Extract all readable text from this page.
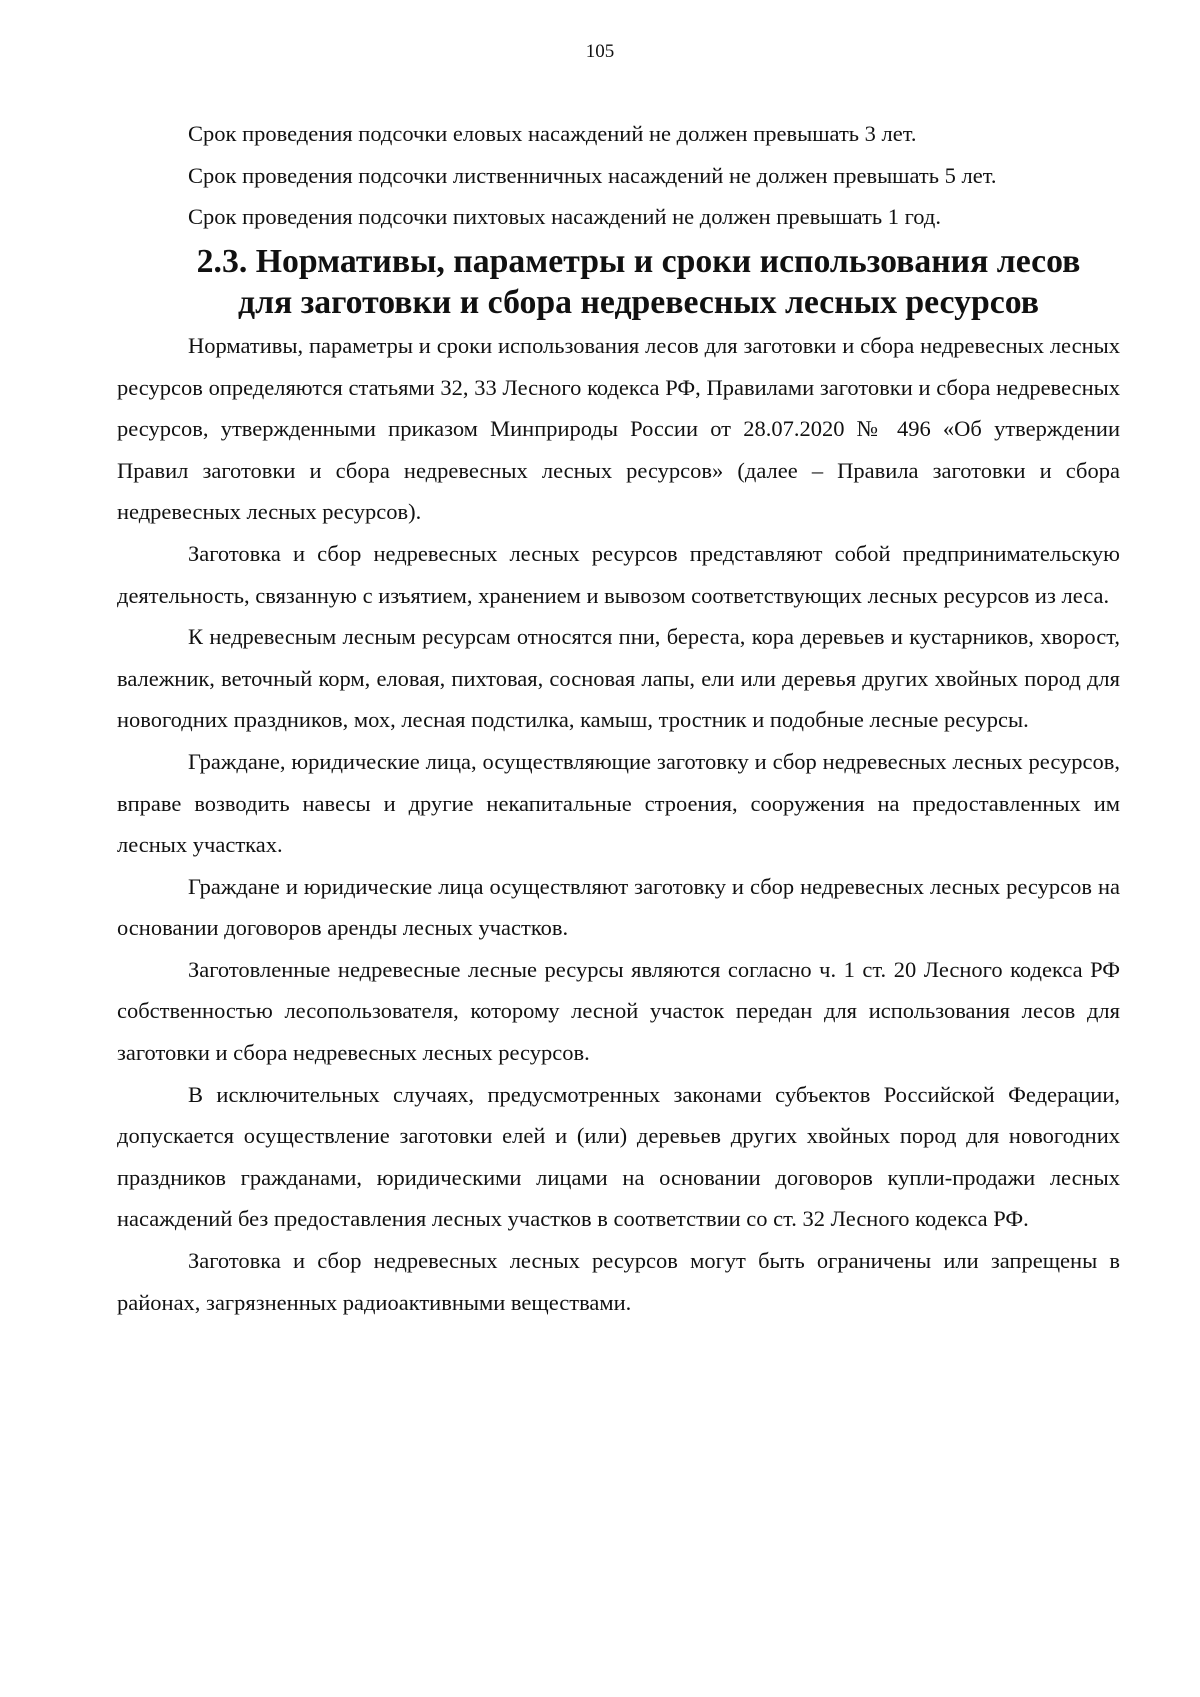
105

Срок проведения подсочки еловых насаждений не должен превышать 3 лет.

Срок проведения подсочки лиственничных насаждений не должен превышать 5 лет.

Срок проведения подсочки пихтовых насаждений не должен превышать 1 год.

2.3. Нормативы, параметры и сроки использования лесов для заготовки и сбора недревесных лесных ресурсов

Нормативы, параметры и сроки использования лесов для заготовки и сбора недревесных лесных ресурсов определяются статьями 32, 33 Лесного кодекса РФ, Правилами заготовки и сбора недревесных ресурсов, утвержденными приказом Минприроды России от 28.07.2020 № 496 «Об утверждении Правил заготовки и сбора недревесных лесных ресурсов» (далее – Правила заготовки и сбора недревесных лесных ресурсов).

Заготовка и сбор недревесных лесных ресурсов представляют собой предпринимательскую деятельность, связанную с изъятием, хранением и вывозом соответствующих лесных ресурсов из леса.

К недревесным лесным ресурсам относятся пни, береста, кора деревьев и кустарников, хворост, валежник, веточный корм, еловая, пихтовая, сосновая лапы, ели или деревья других хвойных пород для новогодних праздников, мох, лесная подстилка, камыш, тростник и подобные лесные ресурсы.

Граждане, юридические лица, осуществляющие заготовку и сбор недревесных лесных ресурсов, вправе возводить навесы и другие некапитальные строения, сооружения на предоставленных им лесных участках.

Граждане и юридические лица осуществляют заготовку и сбор недревесных лесных ресурсов на основании договоров аренды лесных участков.

Заготовленные недревесные лесные ресурсы являются согласно ч. 1 ст. 20 Лесного кодекса РФ собственностью лесопользователя, которому лесной участок передан для использования лесов для заготовки и сбора недревесных лесных ресурсов.

В исключительных случаях, предусмотренных законами субъектов Российской Федерации, допускается осуществление заготовки елей и (или) деревьев других хвойных пород для новогодних праздников гражданами, юридическими лицами на основании договоров купли-продажи лесных насаждений без предоставления лесных участков в соответствии со ст. 32 Лесного кодекса РФ.

Заготовка и сбор недревесных лесных ресурсов могут быть ограничены или запрещены в районах, загрязненных радиоактивными веществами.
